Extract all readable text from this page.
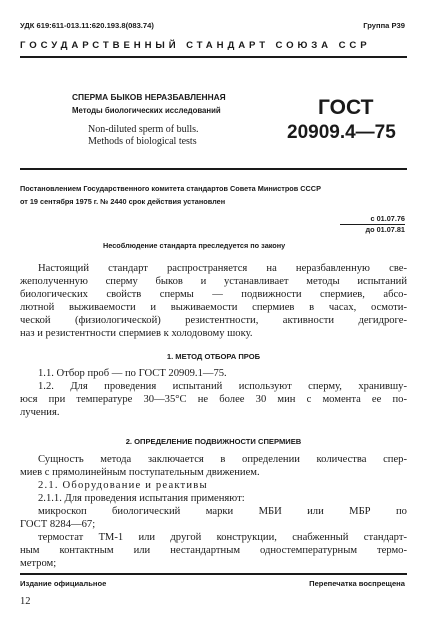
УДК 619:611-013.11:620.193.8(083.74)	Группа Р39
ГОСУДАРСТВЕННЫЙ СТАНДАРТ СОЮЗА ССР
СПЕРМА БЫКОВ НЕРАЗБАВЛЕННАЯ
Методы биологических исследований
Non-diluted sperm of bulls.
Methods of biological tests
ГОСТ
20909.4—75
Постановлением Государственного комитета стандартов Совета Министров СССР
от 19 сентября 1975 г. № 2440 срок действия установлен
с 01.07.76
до 01.07.81
Несоблюдение стандарта преследуется по закону
Настоящий стандарт распространяется на неразбавленную све-
жеполученную сперму быков и устанавливает методы испытаний
биологических свойств спермы — подвижности спермиев, абсо-
лютной выживаемости и выживаемости спермиев в часах, осмоти-
ческой (физиологической) резистентности, активности дегидроге-
наз и резистентности спермиев к холодовому шоку.
1. МЕТОД ОТБОРА ПРОБ
1.1. Отбор проб — по ГОСТ 20909.1—75.
1.2. Для проведения испытаний используют сперму, хранившу-
юся при температуре 30—35°С не более 30 мин с момента ее по-
лучения.
2. ОПРЕДЕЛЕНИЕ ПОДВИЖНОСТИ СПЕРМИЕВ
Сущность метода заключается в определении количества спер-
миев с прямолинейным поступательным движением.
2.1. Оборудование и реактивы
2.1.1. Для проведения испытания применяют:
микроскоп биологический марки МБИ или МБР по
ГОСТ 8284—67;
термостат ТМ-1 или другой конструкции, снабженный стандарт-
ным контактным или нестандартным одностемпературным термо-
метром;
Издание официальное	Перепечатка воспрещена
12
